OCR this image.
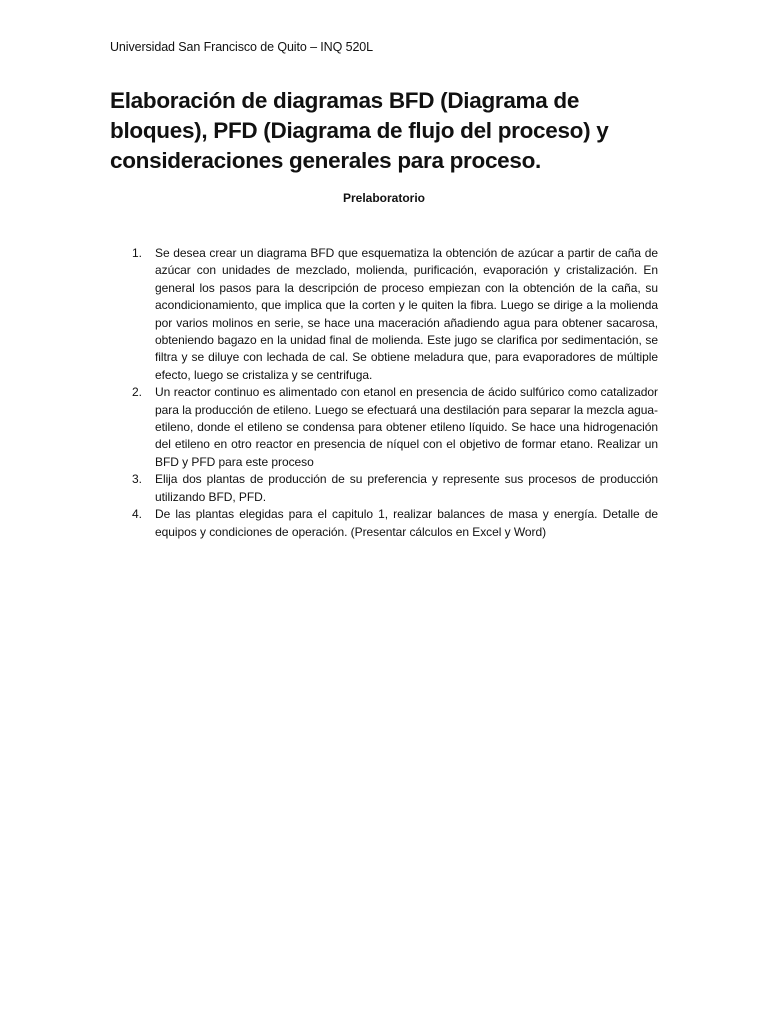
Universidad San Francisco de Quito – INQ 520L
Elaboración de diagramas BFD (Diagrama de bloques), PFD (Diagrama de flujo del proceso) y consideraciones generales para proceso.
Prelaboratorio
1. Se desea crear un diagrama BFD que esquematiza la obtención de azúcar a partir de caña de azúcar con unidades de mezclado, molienda, purificación, evaporación y cristalización. En general los pasos para la descripción de proceso empiezan con la obtención de la caña, su acondicionamiento, que implica que la corten y le quiten la fibra. Luego se dirige a la molienda por varios molinos en serie, se hace una maceración añadiendo agua para obtener sacarosa, obteniendo bagazo en la unidad final de molienda. Este jugo se clarifica por sedimentación, se filtra y se diluye con lechada de cal. Se obtiene meladura que, para evaporadores de múltiple efecto, luego se cristaliza y se centrifuga.
2. Un reactor continuo es alimentado con etanol en presencia de ácido sulfúrico como catalizador para la producción de etileno. Luego se efectuará una destilación para separar la mezcla agua-etileno, donde el etileno se condensa para obtener etileno líquido. Se hace una hidrogenación del etileno en otro reactor en presencia de níquel con el objetivo de formar etano. Realizar un BFD y PFD para este proceso
3. Elija dos plantas de producción de su preferencia y represente sus procesos de producción utilizando BFD, PFD.
4. De las plantas elegidas para el capitulo 1, realizar balances de masa y energía. Detalle de equipos y condiciones de operación. (Presentar cálculos en Excel y Word)
